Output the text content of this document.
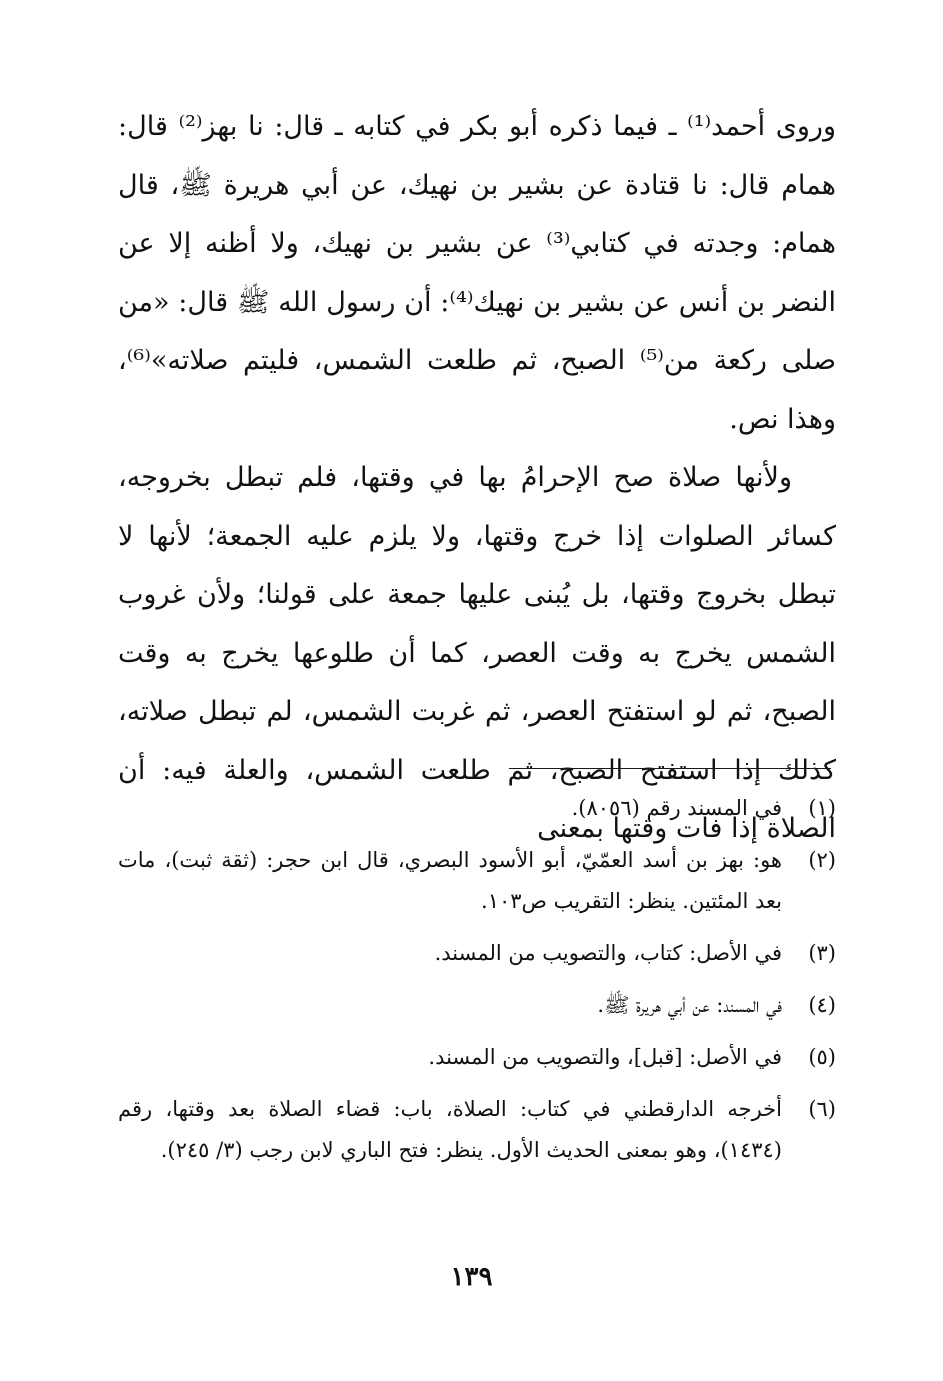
وروى أحمد⁽¹⁾ ـ فيما ذكره أبو بكر في كتابه ـ قال: نا بهز⁽²⁾ قال: همام قال: نا قتادة عن بشير بن نهيك، عن أبي هريرة ﷺ، قال همام: وجدته في كتابي⁽³⁾ عن بشير بن نهيك، ولا أظنه إلا عن النضر بن أنس عن بشير بن نهيك⁽⁴⁾: أن رسول الله ﷺ قال: «من صلى ركعة من⁽⁵⁾ الصبح، ثم طلعت الشمس، فليتم صلاته»⁽⁶⁾، وهذا نص.

ولأنها صلاة صح الإحرامُ بها في وقتها، فلم تبطل بخروجه، كسائر الصلوات إذا خرج وقتها، ولا يلزم عليه الجمعة؛ لأنها لا تبطل بخروج وقتها، بل يُبنى عليها جمعة على قولنا؛ ولأن غروب الشمس يخرج به وقت العصر، كما أن طلوعها يخرج به وقت الصبح، ثم لو استفتح العصر، ثم غربت الشمس، لم تبطل صلاته، كذلك إذا استفتح الصبح، ثم طلعت الشمس، والعلة فيه: أن الصلاة إذا فات وقتها بمعنى

(١)
في المسند رقم (٨٠٥٦).
(٢)
هو: بهز بن أسد العمّيّ، أبو الأسود البصري، قال ابن حجر: (ثقة ثبت)، مات بعد المئتين. ينظر: التقريب ص١٠٣.
(٣)
في الأصل: كتاب، والتصويب من المسند.
(٤)
في المسند: عن أبي هريرة ﷺ.
(٥)
في الأصل: [قبل]، والتصويب من المسند.
(٦)
أخرجه الدارقطني في كتاب: الصلاة، باب: قضاء الصلاة بعد وقتها، رقم (١٤٣٤)، وهو بمعنى الحديث الأول. ينظر: فتح الباري لابن رجب (٣/ ٢٤٥).
١٣٩
